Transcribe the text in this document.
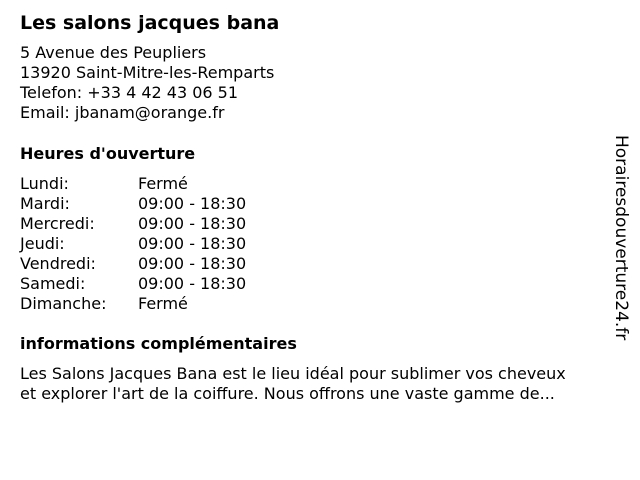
Les salons jacques bana
5 Avenue des Peupliers
13920 Saint-Mitre-les-Remparts
Telefon: +33 4 42 43 06 51
Email: jbanam@orange.fr
Heures d'ouverture
Lundi:	Fermé
Mardi:	09:00 - 18:30
Mercredi:	09:00 - 18:30
Jeudi:	09:00 - 18:30
Vendredi:	09:00 - 18:30
Samedi:	09:00 - 18:30
Dimanche: Fermé
informations complémentaires
Les Salons Jacques Bana est le lieu idéal pour sublimer vos cheveux
et explorer l'art de la coiffure. Nous offrons une vaste gamme de...
Horairesdouverture24.fr
